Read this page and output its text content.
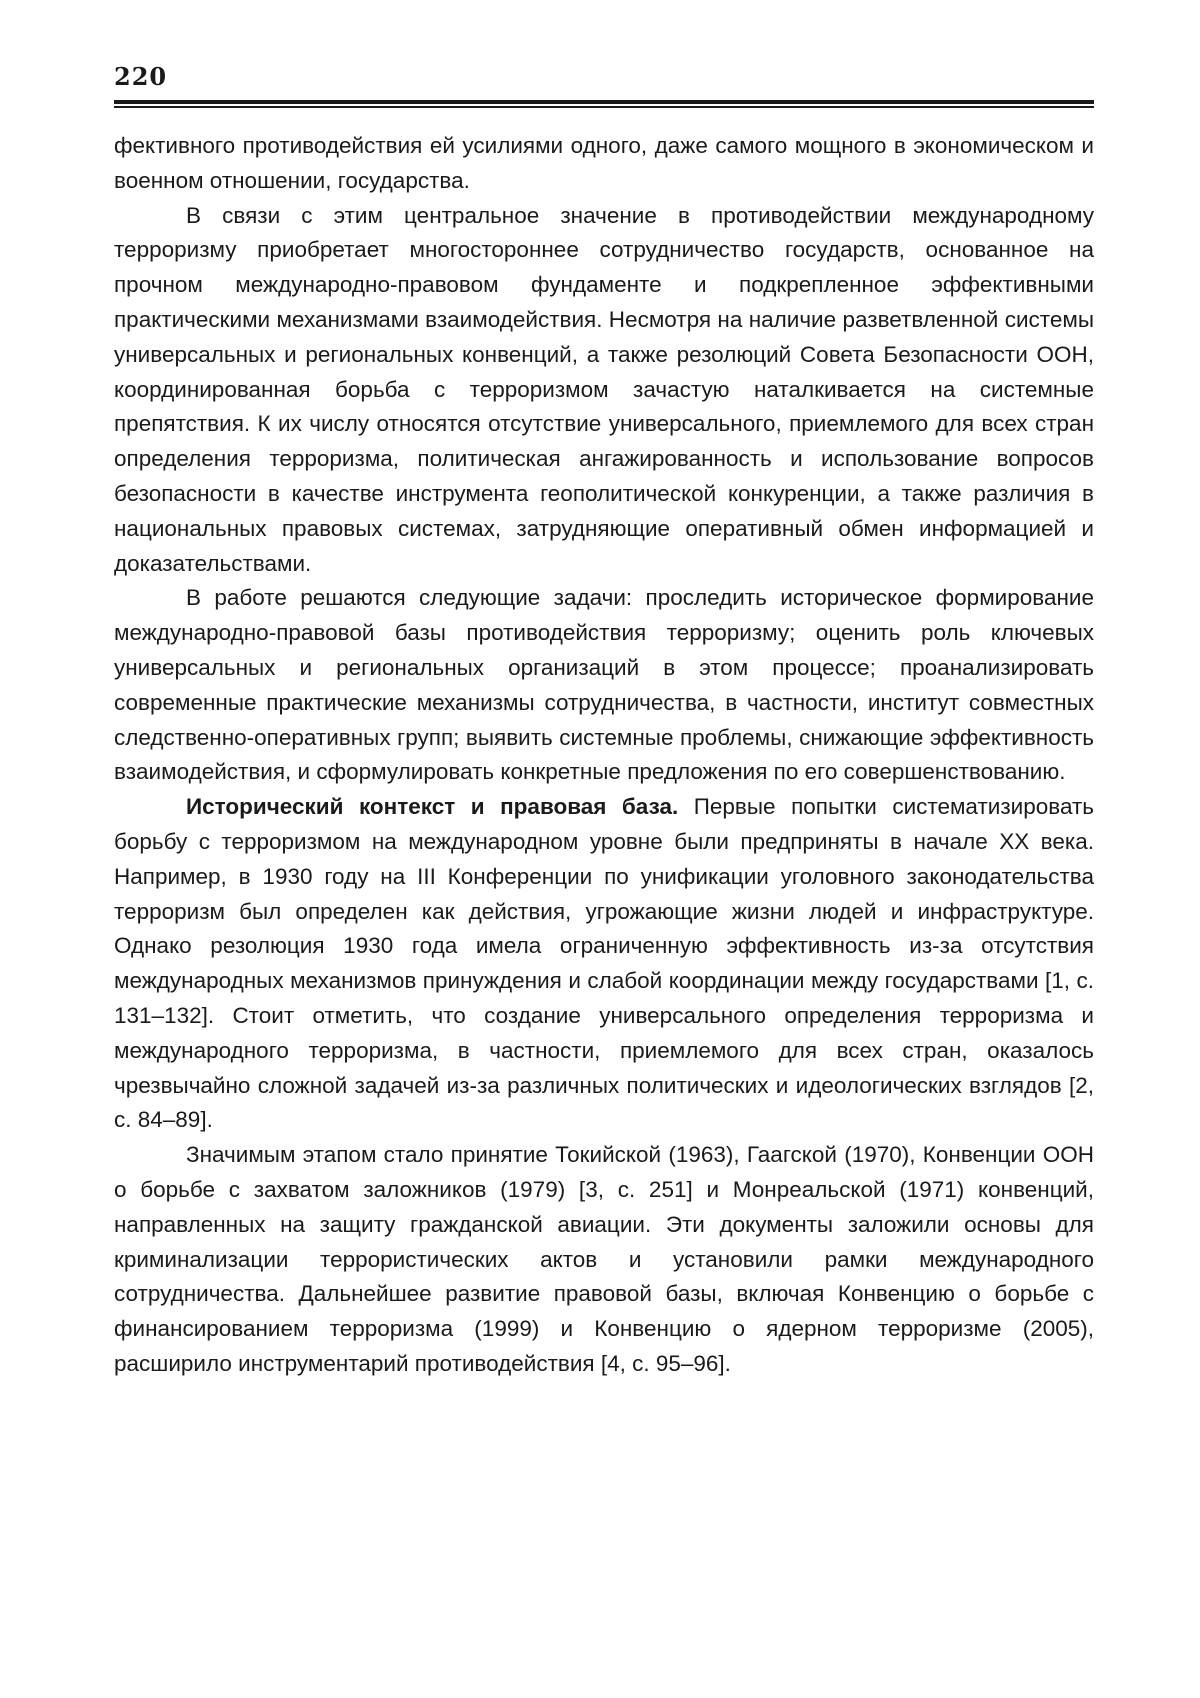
220

фективного противодействия ей усилиями одного, даже самого мощного в экономическом и военном отношении, государства.

В связи с этим центральное значение в противодействии международному терроризму приобретает многостороннее сотрудничество государств, основанное на прочном международно-правовом фундаменте и подкрепленное эффективными практическими механизмами взаимодействия. Несмотря на наличие разветвленной системы универсальных и региональных конвенций, а также резолюций Совета Безопасности ООН, координированная борьба с терроризмом зачастую наталкивается на системные препятствия. К их числу относятся отсутствие универсального, приемлемого для всех стран определения терроризма, политическая ангажированность и использование вопросов безопасности в качестве инструмента геополитической конкуренции, а также различия в национальных правовых системах, затрудняющие оперативный обмен информацией и доказательствами.

В работе решаются следующие задачи: проследить историческое формирование международно-правовой базы противодействия терроризму; оценить роль ключевых универсальных и региональных организаций в этом процессе; проанализировать современные практические механизмы сотрудничества, в частности, институт совместных следственно-оперативных групп; выявить системные проблемы, снижающие эффективность взаимодействия, и сформулировать конкретные предложения по его совершенствованию.

Исторический контекст и правовая база. Первые попытки систематизировать борьбу с терроризмом на международном уровне были предприняты в начале XX века. Например, в 1930 году на III Конференции по унификации уголовного законодательства терроризм был определен как действия, угрожающие жизни людей и инфраструктуре. Однако резолюция 1930 года имела ограниченную эффективность из-за отсутствия международных механизмов принуждения и слабой координации между государствами [1, с. 131–132]. Стоит отметить, что создание универсального определения терроризма и международного терроризма, в частности, приемлемого для всех стран, оказалось чрезвычайно сложной задачей из-за различных политических и идеологических взглядов [2, с. 84–89].

Значимым этапом стало принятие Токийской (1963), Гаагской (1970), Конвенции ООН о борьбе с захватом заложников (1979) [3, с. 251] и Монреальской (1971) конвенций, направленных на защиту гражданской авиации. Эти документы заложили основы для криминализации террористических актов и установили рамки международного сотрудничества. Дальнейшее развитие правовой базы, включая Конвенцию о борьбе с финансированием терроризма (1999) и Конвенцию о ядерном терроризме (2005), расширило инструментарий противодействия [4, с. 95–96].
